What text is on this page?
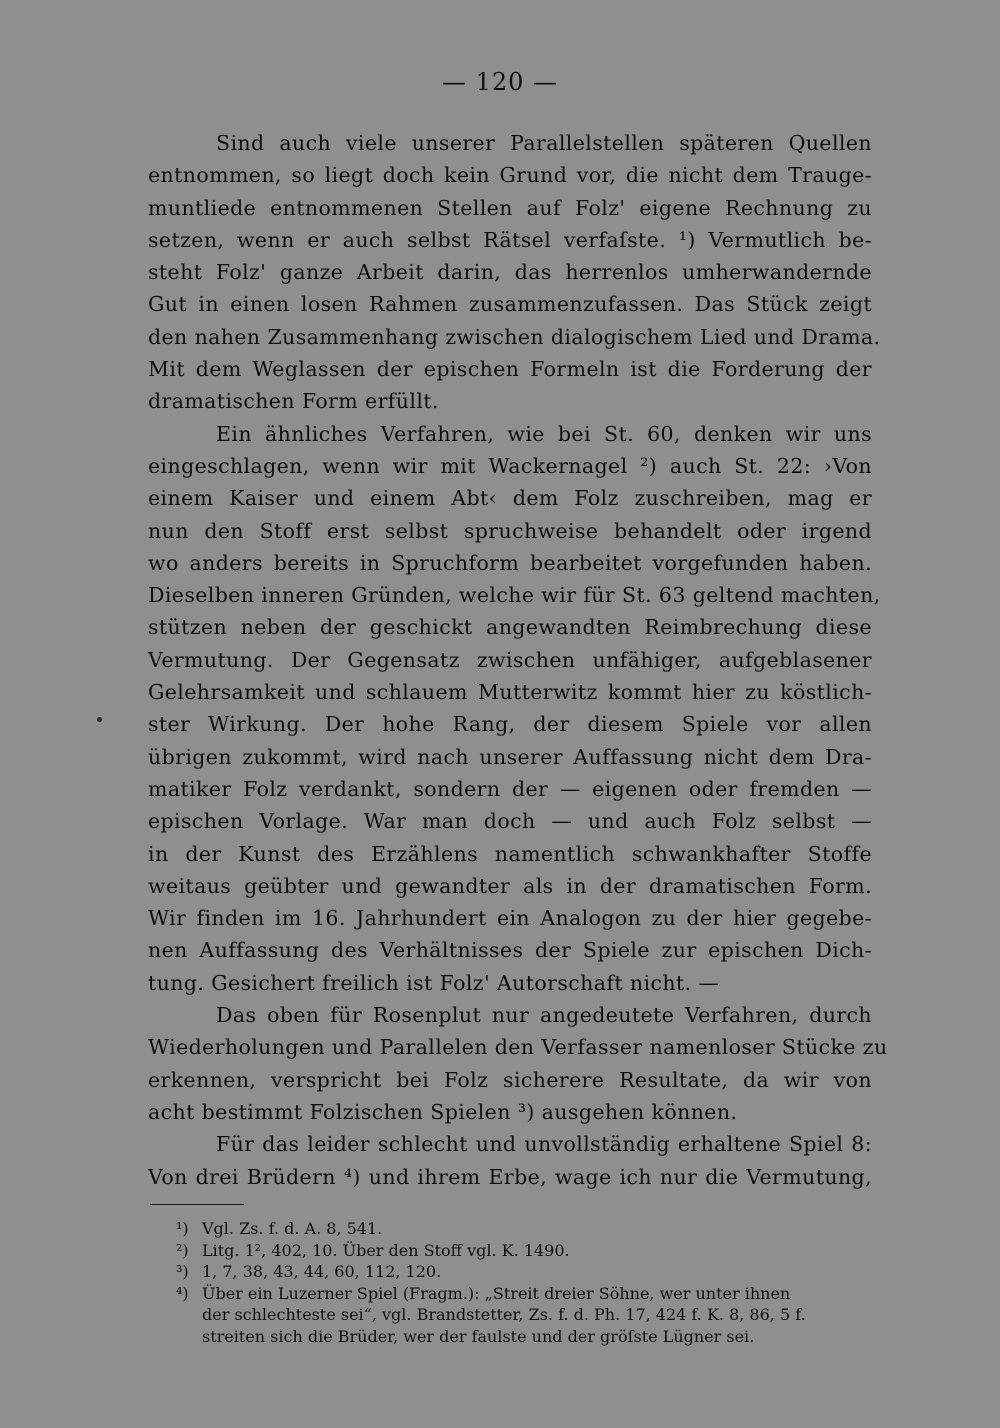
— 120 —
Sind auch viele unserer Parallelstellen späteren Quellen
entnommen, so liegt doch kein Grund vor, die nicht dem Trauge-
muntliede entnommenen Stellen auf Folz' eigene Rechnung zu
setzen, wenn er auch selbst Rätsel verfaſste. ¹) Vermutlich be-
steht Folz' ganze Arbeit darin, das herrenlos umherwandernde
Gut in einen losen Rahmen zusammenzufassen. Das Stück zeigt
den nahen Zusammenhang zwischen dialogischem Lied und Drama.
Mit dem Weglassen der epischen Formeln ist die Forderung der
dramatischen Form erfüllt.
Ein ähnliches Verfahren, wie bei St. 60, denken wir uns
eingeschlagen, wenn wir mit Wackernagel ²) auch St. 22: ›Von
einem Kaiser und einem Abt‹ dem Folz zuschreiben, mag er
nun den Stoff erst selbst spruchweise behandelt oder irgend
wo anders bereits in Spruchform bearbeitet vorgefunden haben.
Dieselben inneren Gründen, welche wir für St. 63 geltend machten,
stützen neben der geschickt angewandten Reimbrechung diese
Vermutung. Der Gegensatz zwischen unfähiger, aufgeblasener
Gelehrsamkeit und schlauem Mutterwitz kommt hier zu köstlich-
ster Wirkung. Der hohe Rang, der diesem Spiele vor allen
übrigen zukommt, wird nach unserer Auffassung nicht dem Dra-
matiker Folz verdankt, sondern der — eigenen oder fremden —
epischen Vorlage. War man doch — und auch Folz selbst —
in der Kunst des Erzählens namentlich schwankhafter Stoffe
weitaus geübter und gewandter als in der dramatischen Form.
Wir finden im 16. Jahrhundert ein Analogon zu der hier gegebe-
nen Auffassung des Verhältnisses der Spiele zur epischen Dich-
tung. Gesichert freilich ist Folz' Autorschaft nicht. —
Das oben für Rosenplut nur angedeutete Verfahren, durch
Wiederholungen und Parallelen den Verfasser namenloser Stücke zu
erkennen, verspricht bei Folz sicherere Resultate, da wir von
acht bestimmt Folzischen Spielen ³) ausgehen können.
Für das leider schlecht und unvollständig erhaltene Spiel 8:
Von drei Brüdern ⁴) und ihrem Erbe, wage ich nur die Vermutung,
¹) Vgl. Zs. f. d. A. 8, 541.
²) Litg. 1², 402, 10. Über den Stoff vgl. K. 1490.
³) 1, 7, 38, 43, 44, 60, 112, 120.
⁴) Über ein Luzerner Spiel (Fragm.): „Streit dreier Söhne, wer unter ihnen
der schlechteste sei“, vgl. Brandstetter, Zs. f. d. Ph. 17, 424 f. K. 8, 86, 5 f.
streiten sich die Brüder, wer der faulste und der gröſste Lügner sei.
